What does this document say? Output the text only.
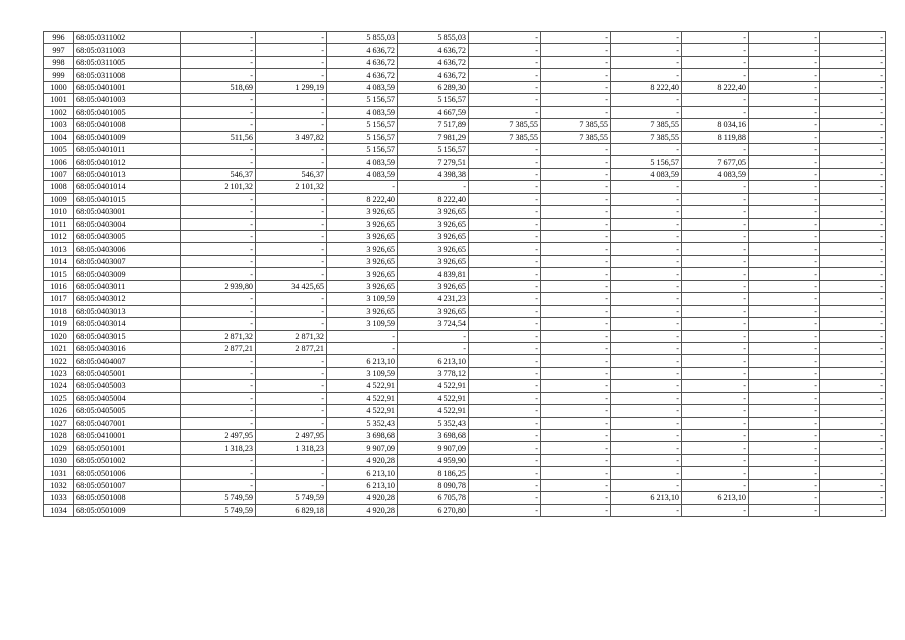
996	68:05:0311002	-	-	5 855,03	5 855,03	-	-	-	-	-	-
997	68:05:0311003	-	-	4 636,72	4 636,72	-	-	-	-	-	-
998	68:05:0311005	-	-	4 636,72	4 636,72	-	-	-	-	-	-
999	68:05:0311008	-	-	4 636,72	4 636,72	-	-	-	-	-	-
1000	68:05:0401001	518,69	1 299,19	4 083,59	6 289,30	-	-	8 222,40	8 222,40	-	-
1001	68:05:0401003	-	-	5 156,57	5 156,57	-	-	-	-	-	-
1002	68:05:0401005	-	-	4 083,59	4 667,59	-	-	-	-	-	-
1003	68:05:0401008	-	-	5 156,57	7 517,89	7 385,55	7 385,55	7 385,55	8 034,16	-	-
1004	68:05:0401009	511,56	3 497,82	5 156,57	7 981,29	7 385,55	7 385,55	7 385,55	8 119,88	-	-
1005	68:05:0401011	-	-	5 156,57	5 156,57	-	-	-	-	-	-
1006	68:05:0401012	-	-	4 083,59	7 279,51	-	-	5 156,57	7 677,05	-	-
1007	68:05:0401013	546,37	546,37	4 083,59	4 398,38	-	-	4 083,59	4 083,59	-	-
1008	68:05:0401014	2 101,32	2 101,32	-	-	-	-	-	-	-	-
1009	68:05:0401015	-	-	8 222,40	8 222,40	-	-	-	-	-	-
1010	68:05:0403001	-	-	3 926,65	3 926,65	-	-	-	-	-	-
1011	68:05:0403004	-	-	3 926,65	3 926,65	-	-	-	-	-	-
1012	68:05:0403005	-	-	3 926,65	3 926,65	-	-	-	-	-	-
1013	68:05:0403006	-	-	3 926,65	3 926,65	-	-	-	-	-	-
1014	68:05:0403007	-	-	3 926,65	3 926,65	-	-	-	-	-	-
1015	68:05:0403009	-	-	3 926,65	4 839,81	-	-	-	-	-	-
1016	68:05:0403011	2 939,80	34 425,65	3 926,65	3 926,65	-	-	-	-	-	-
1017	68:05:0403012	-	-	3 109,59	4 231,23	-	-	-	-	-	-
1018	68:05:0403013	-	-	3 926,65	3 926,65	-	-	-	-	-	-
1019	68:05:0403014	-	-	3 109,59	3 724,54	-	-	-	-	-	-
1020	68:05:0403015	2 871,32	2 871,32	-	-	-	-	-	-	-	-
1021	68:05:0403016	2 877,21	2 877,21	-	-	-	-	-	-	-	-
1022	68:05:0404007	-	-	6 213,10	6 213,10	-	-	-	-	-	-
1023	68:05:0405001	-	-	3 109,59	3 778,12	-	-	-	-	-	-
1024	68:05:0405003	-	-	4 522,91	4 522,91	-	-	-	-	-	-
1025	68:05:0405004	-	-	4 522,91	4 522,91	-	-	-	-	-	-
1026	68:05:0405005	-	-	4 522,91	4 522,91	-	-	-	-	-	-
1027	68:05:0407001	-	-	5 352,43	5 352,43	-	-	-	-	-	-
1028	68:05:0410001	2 497,95	2 497,95	3 698,68	3 698,68	-	-	-	-	-	-
1029	68:05:0501001	1 318,23	1 318,23	9 907,09	9 907,09	-	-	-	-	-	-
1030	68:05:0501002	-	-	4 920,28	4 959,90	-	-	-	-	-	-
1031	68:05:0501006	-	-	6 213,10	8 186,25	-	-	-	-	-	-
1032	68:05:0501007	-	-	6 213,10	8 090,78	-	-	-	-	-	-
1033	68:05:0501008	5 749,59	5 749,59	4 920,28	6 705,78	-	-	6 213,10	6 213,10	-	-
1034	68:05:0501009	5 749,59	6 829,18	4 920,28	6 270,80	-	-	-	-	-	-
